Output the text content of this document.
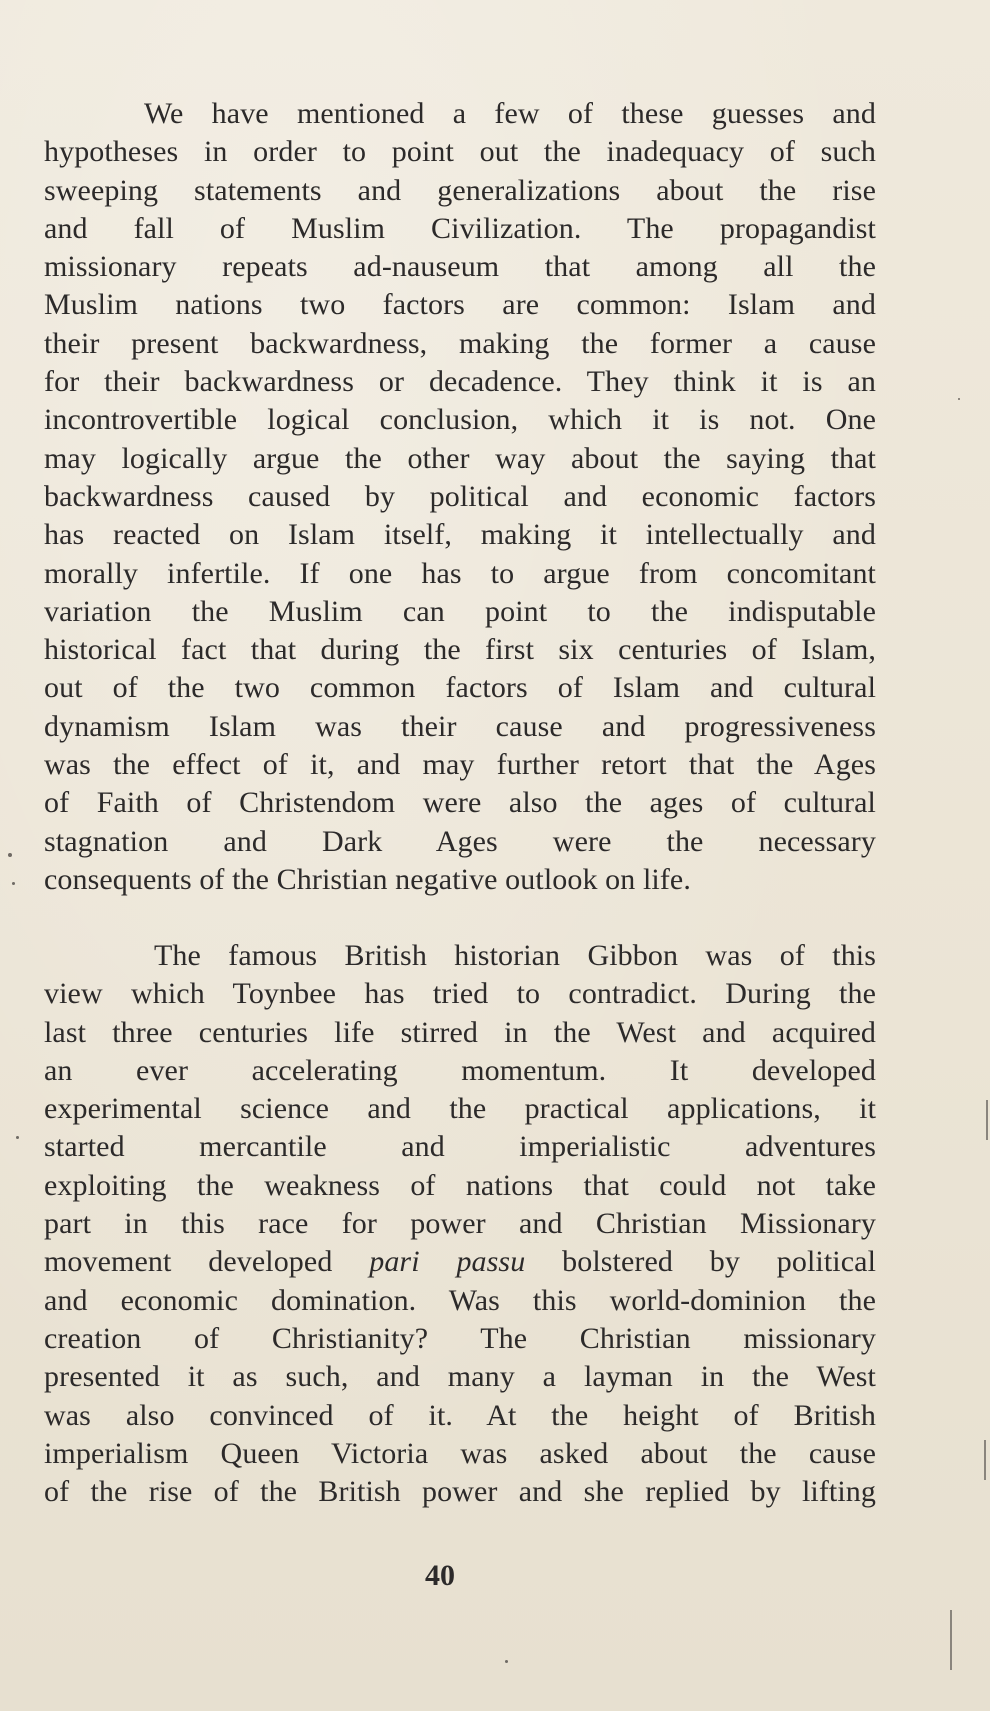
We have mentioned a few of these guesses and
hypotheses in order to point out the inadequacy of such
sweeping statements and generalizations about the rise
and fall of Muslim Civilization. The propagandist
missionary repeats ad-nauseum that among all the
Muslim nations two factors are common: Islam and
their present backwardness, making the former a cause
for their backwardness or decadence. They think it is an
incontrovertible logical conclusion, which it is not. One
may logically argue the other way about the saying that
backwardness caused by political and economic factors
has reacted on Islam itself, making it intellectually and
morally infertile. If one has to argue from concomitant
variation the Muslim can point to the indisputable
historical fact that during the first six centuries of Islam,
out of the two common factors of Islam and cultural
dynamism Islam was their cause and progressiveness
was the effect of it, and may further retort that the Ages
of Faith of Christendom were also the ages of cultural
stagnation and Dark Ages were the necessary
consequents of the Christian negative outlook on life.
The famous British historian Gibbon was of this
view which Toynbee has tried to contradict. During the
last three centuries life stirred in the West and acquired
an ever accelerating momentum. It developed
experimental science and the practical applications, it
started mercantile and imperialistic adventures
exploiting the weakness of nations that could not take
part in this race for power and Christian Missionary
movement developed pari passu bolstered by political
and economic domination. Was this world-dominion the
creation of Christianity? The Christian missionary
presented it as such, and many a layman in the West
was also convinced of it. At the height of British
imperialism Queen Victoria was asked about the cause
of the rise of the British power and she replied by lifting
40
